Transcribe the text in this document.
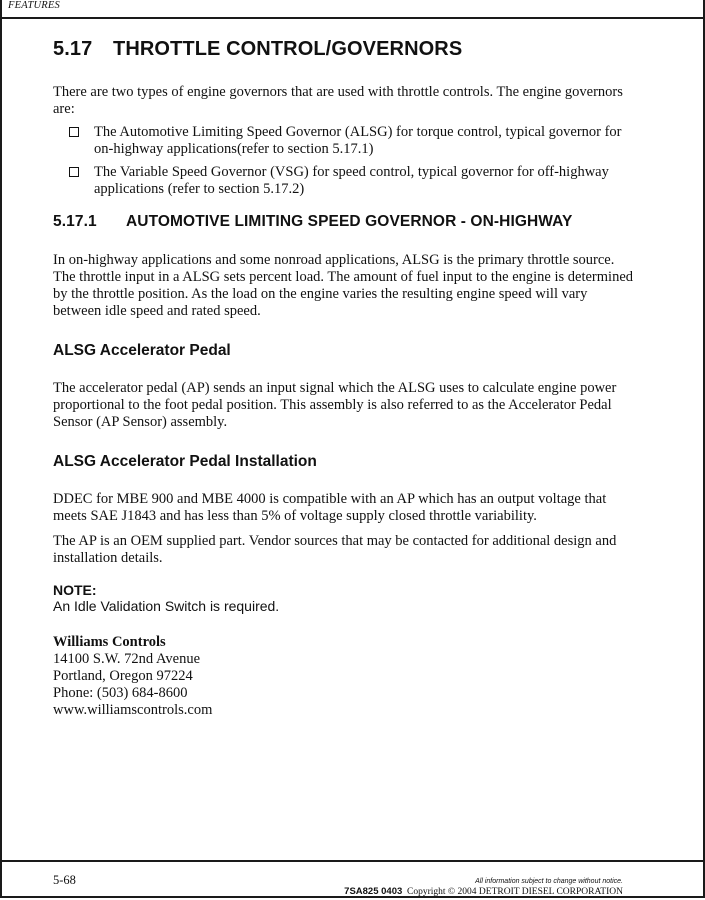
FEATURES
5.17 THROTTLE CONTROL/GOVERNORS

There are two types of engine governors that are used with throttle controls. The engine governors are:

The Automotive Limiting Speed Governor (ALSG) for torque control, typical governor for on-highway applications(refer to section 5.17.1)
The Variable Speed Governor (VSG) for speed control, typical governor for off-highway applications (refer to section 5.17.2)
5.17.1 AUTOMOTIVE LIMITING SPEED GOVERNOR - ON-HIGHWAY

In on-highway applications and some nonroad applications, ALSG is the primary throttle source. The throttle input in a ALSG sets percent load. The amount of fuel input to the engine is determined by the throttle position. As the load on the engine varies the resulting engine speed will vary between idle speed and rated speed.

ALSG Accelerator Pedal

The accelerator pedal (AP) sends an input signal which the ALSG uses to calculate engine power proportional to the foot pedal position. This assembly is also referred to as the Accelerator Pedal Sensor (AP Sensor) assembly.

ALSG Accelerator Pedal Installation

DDEC for MBE 900 and MBE 4000 is compatible with an AP which has an output voltage that meets SAE J1843 and has less than 5% of voltage supply closed throttle variability.

The AP is an OEM supplied part. Vendor sources that may be contacted for additional design and installation details.

NOTE:
An Idle Validation Switch is required.
Williams Controls
14100 S.W. 72nd Avenue
Portland, Oregon 97224
Phone: (503) 684-8600
www.williamscontrols.com
5-68	All information subject to change without notice.
7SA825 0403 Copyright © 2004 DETROIT DIESEL CORPORATION
